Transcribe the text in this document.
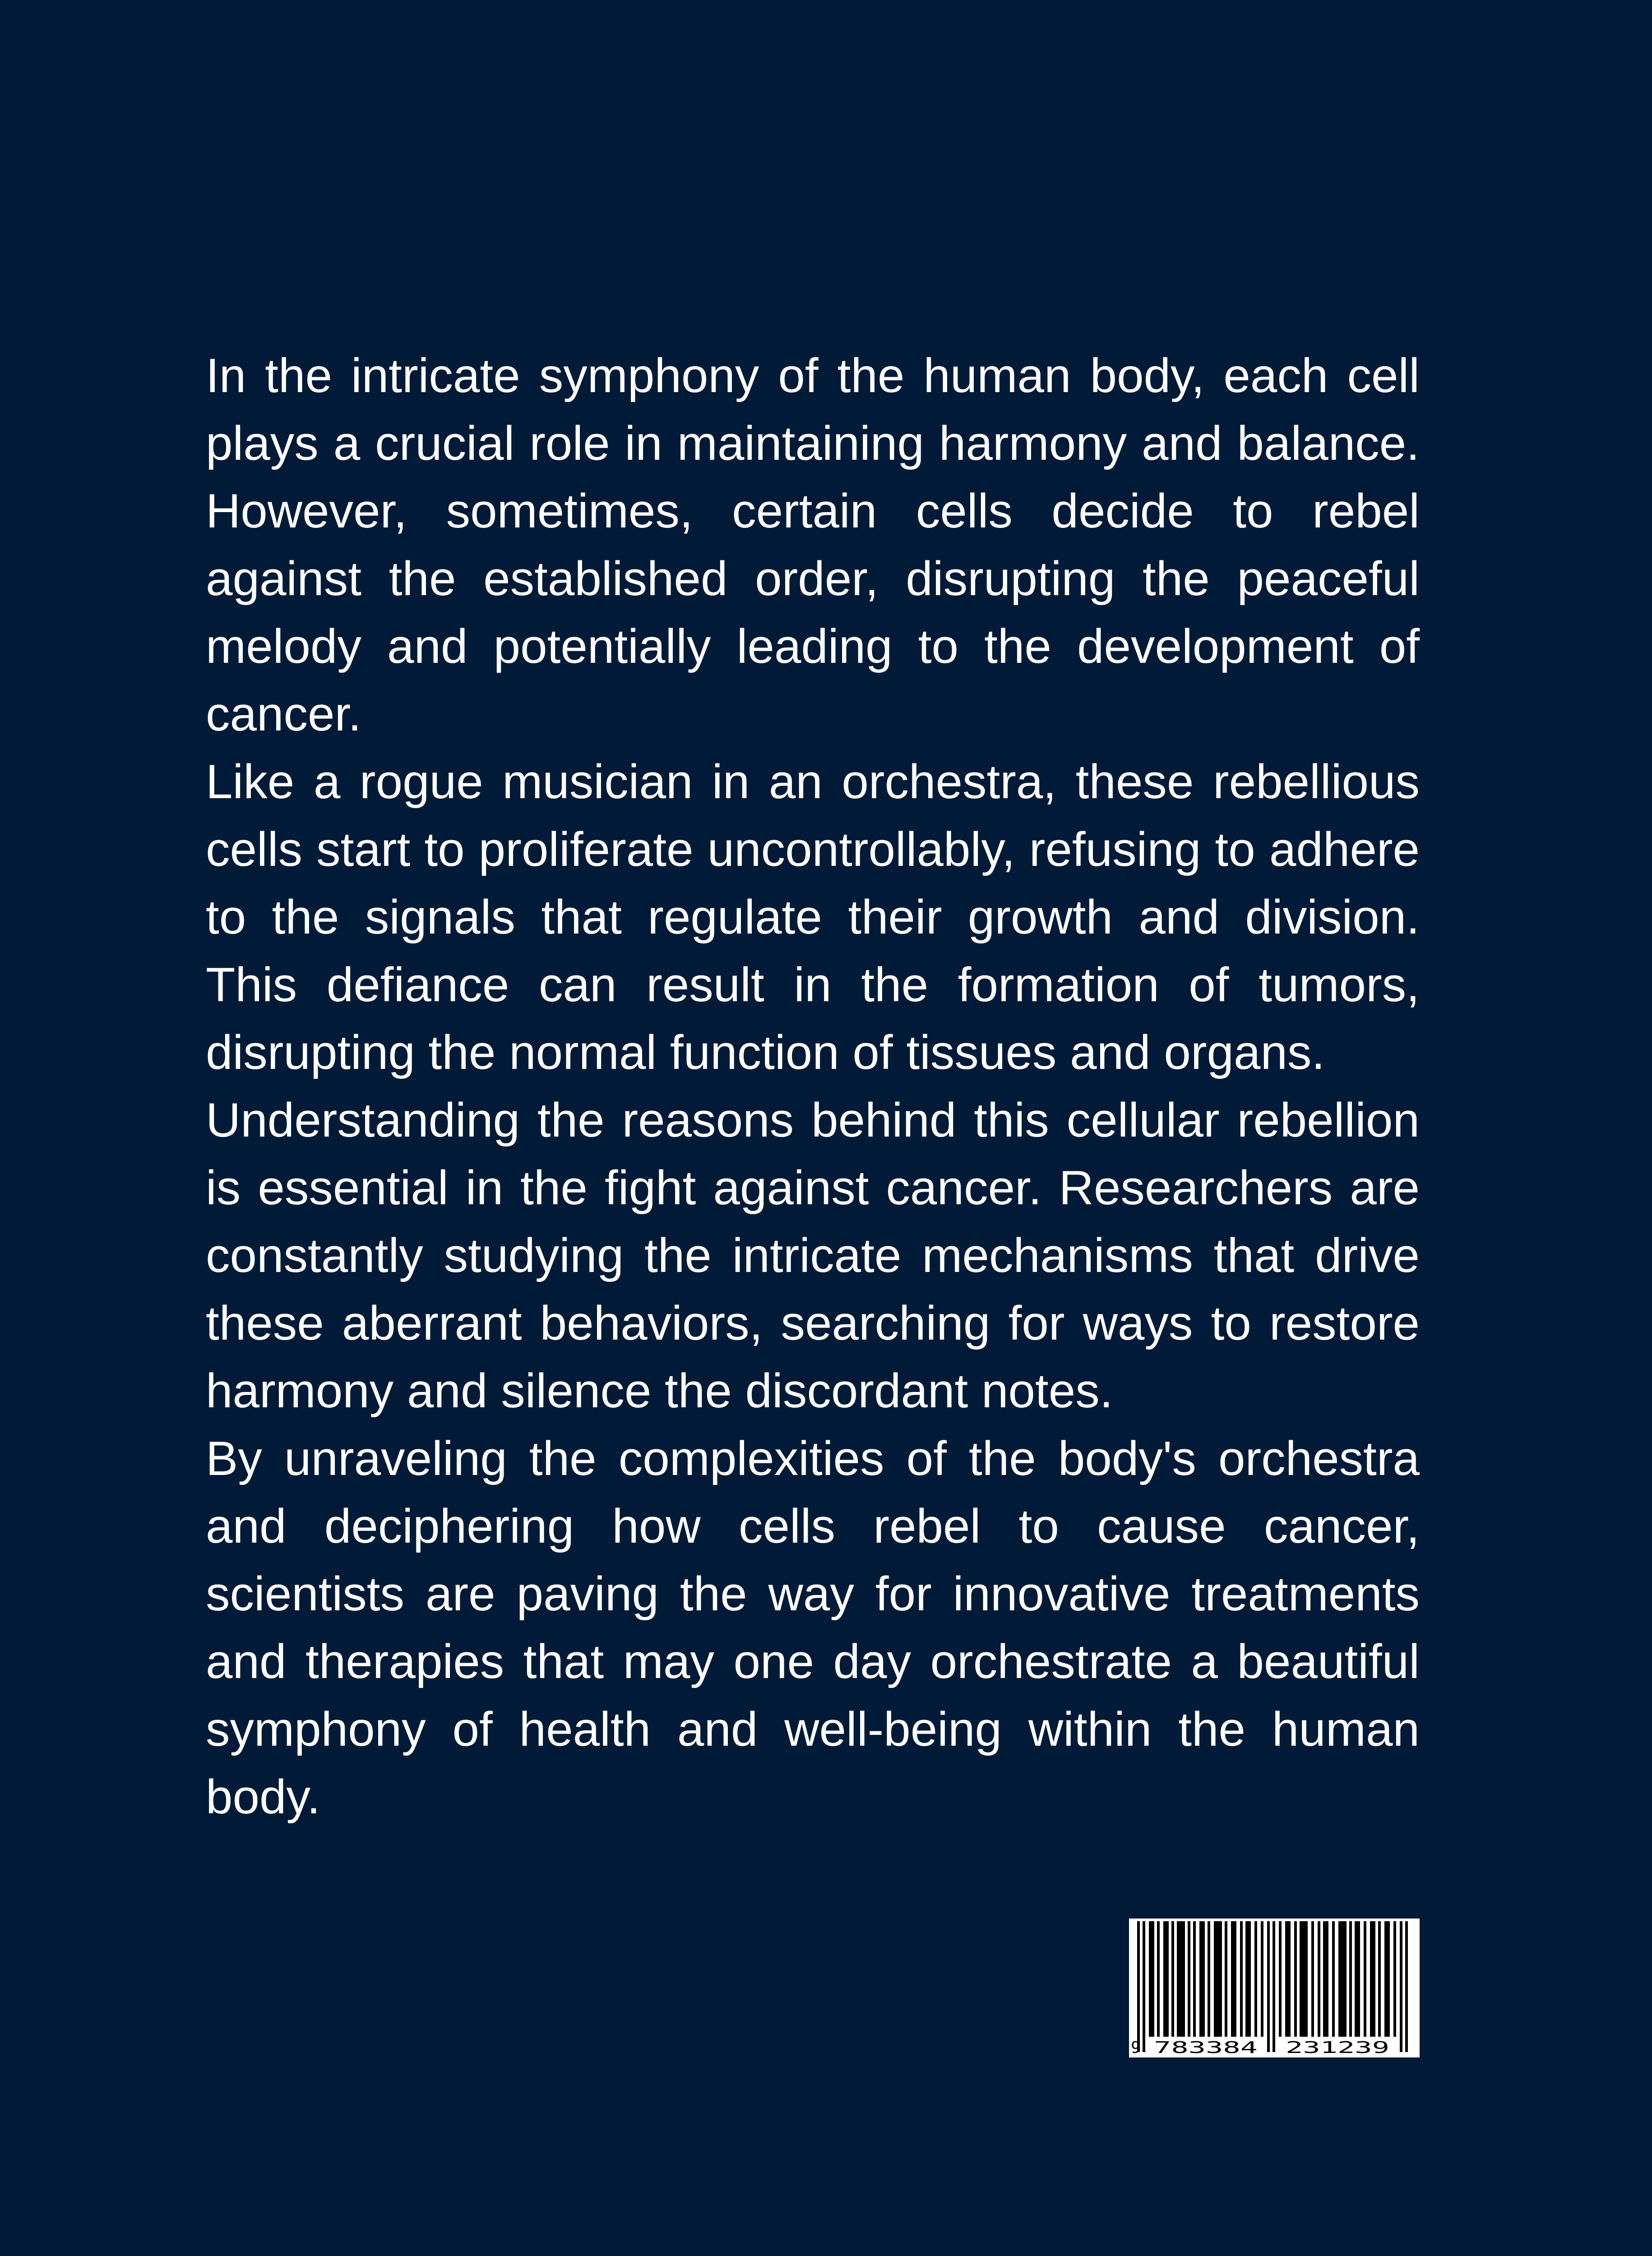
In the intricate symphony of the human body, each cell plays a crucial role in maintaining harmony and balance. However, sometimes, certain cells decide to rebel against the established order, disrupting the peaceful melody and potentially leading to the development of cancer.

Like a rogue musician in an orchestra, these rebellious cells start to proliferate uncontrollably, refusing to adhere to the signals that regulate their growth and division. This defiance can result in the formation of tumors, disrupting the normal function of tissues and organs.

Understanding the reasons behind this cellular rebellion is essential in the fight against cancer. Researchers are constantly studying the intricate mechanisms that drive these aberrant behaviors, searching for ways to restore harmony and silence the discordant notes.

By unraveling the complexities of the body's orchestra and deciphering how cells rebel to cause cancer, scientists are paving the way for innovative treatments and therapies that may one day orchestrate a beautiful symphony of health and well-being within the human body.

9 783384 231239
